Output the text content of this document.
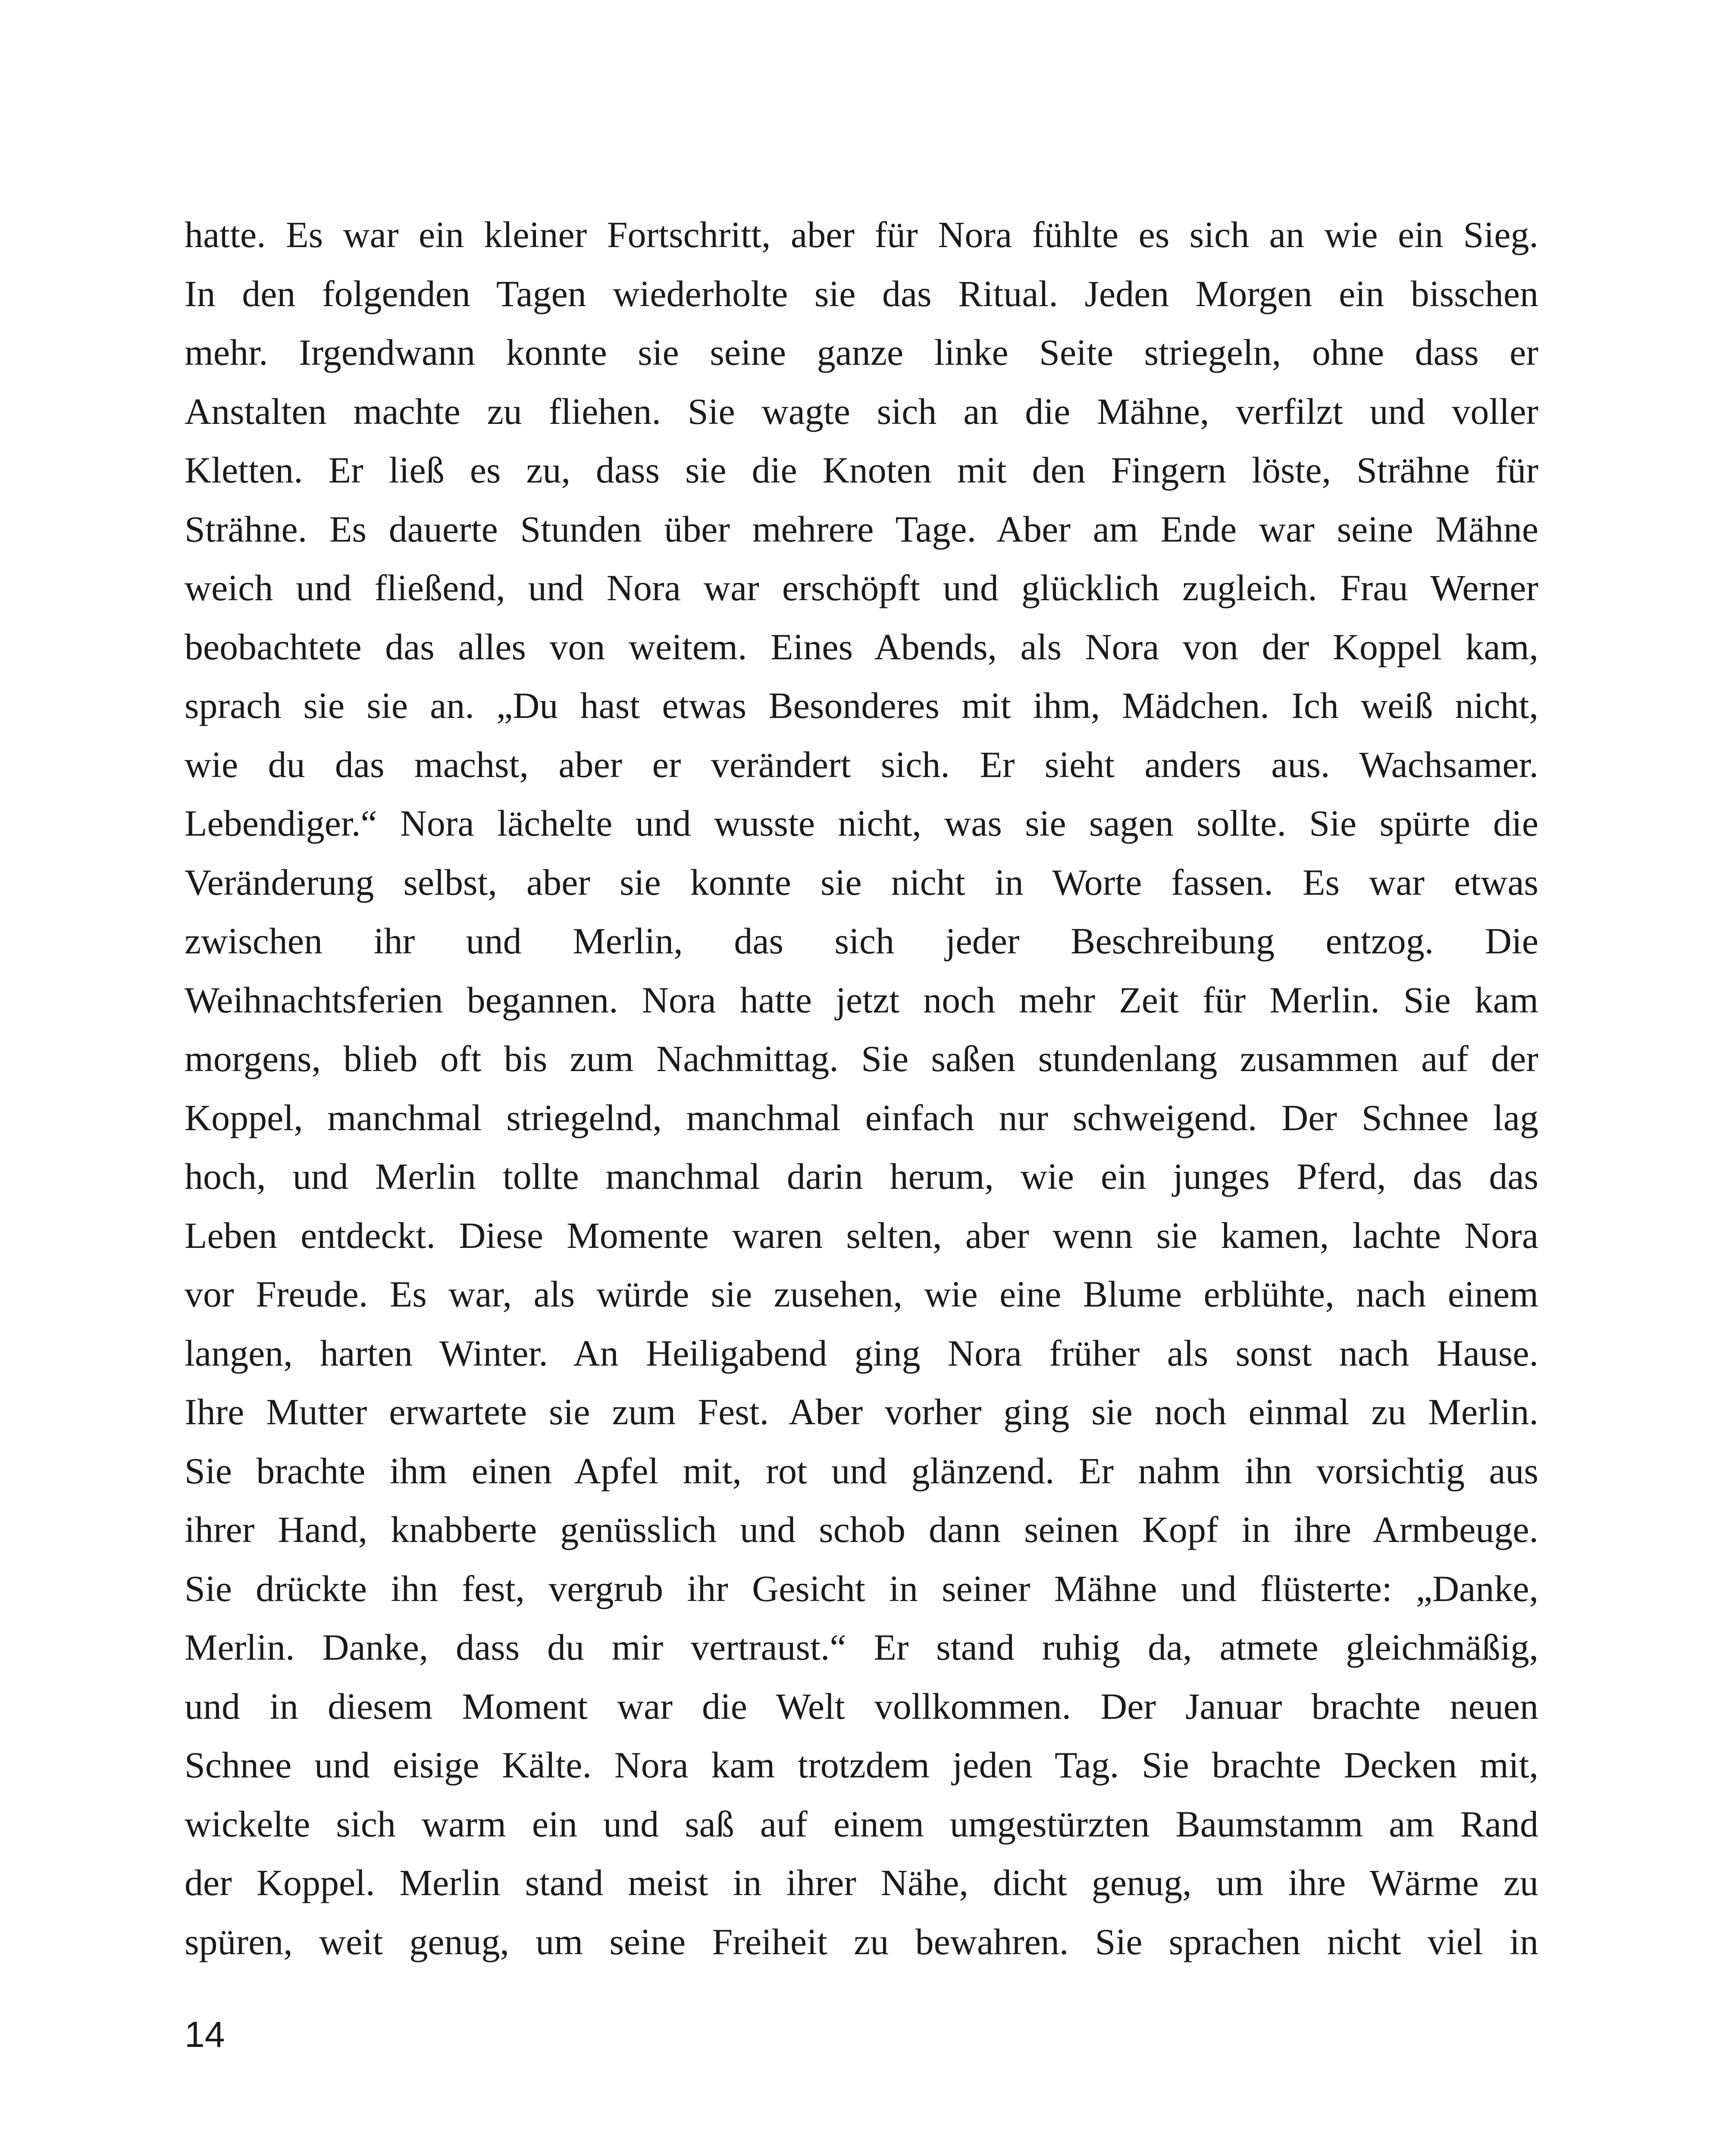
hatte. Es war ein kleiner Fortschritt, aber für Nora fühlte es sich an wie ein Sieg.
In den folgenden Tagen wiederholte sie das Ritual. Jeden Morgen ein bisschen
mehr. Irgendwann konnte sie seine ganze linke Seite striegeln, ohne dass er
Anstalten machte zu fliehen. Sie wagte sich an die Mähne, verfilzt und voller
Kletten. Er ließ es zu, dass sie die Knoten mit den Fingern löste, Strähne für
Strähne. Es dauerte Stunden über mehrere Tage. Aber am Ende war seine Mähne
weich und fließend, und Nora war erschöpft und glücklich zugleich. Frau Werner
beobachtete das alles von weitem. Eines Abends, als Nora von der Koppel kam,
sprach sie sie an. „Du hast etwas Besonderes mit ihm, Mädchen. Ich weiß nicht,
wie du das machst, aber er verändert sich. Er sieht anders aus. Wachsamer.
Lebendiger.“ Nora lächelte und wusste nicht, was sie sagen sollte. Sie spürte die
Veränderung selbst, aber sie konnte sie nicht in Worte fassen. Es war etwas
zwischen ihr und Merlin, das sich jeder Beschreibung entzog. Die
Weihnachtsferien begannen. Nora hatte jetzt noch mehr Zeit für Merlin. Sie kam
morgens, blieb oft bis zum Nachmittag. Sie saßen stundenlang zusammen auf der
Koppel, manchmal striegelnd, manchmal einfach nur schweigend. Der Schnee lag
hoch, und Merlin tollte manchmal darin herum, wie ein junges Pferd, das das
Leben entdeckt. Diese Momente waren selten, aber wenn sie kamen, lachte Nora
vor Freude. Es war, als würde sie zusehen, wie eine Blume erblühte, nach einem
langen, harten Winter. An Heiligabend ging Nora früher als sonst nach Hause.
Ihre Mutter erwartete sie zum Fest. Aber vorher ging sie noch einmal zu Merlin.
Sie brachte ihm einen Apfel mit, rot und glänzend. Er nahm ihn vorsichtig aus
ihrer Hand, knabberte genüsslich und schob dann seinen Kopf in ihre Armbeuge.
Sie drückte ihn fest, vergrub ihr Gesicht in seiner Mähne und flüsterte: „Danke,
Merlin. Danke, dass du mir vertraust.“ Er stand ruhig da, atmete gleichmäßig,
und in diesem Moment war die Welt vollkommen. Der Januar brachte neuen
Schnee und eisige Kälte. Nora kam trotzdem jeden Tag. Sie brachte Decken mit,
wickelte sich warm ein und saß auf einem umgestürzten Baumstamm am Rand
der Koppel. Merlin stand meist in ihrer Nähe, dicht genug, um ihre Wärme zu
spüren, weit genug, um seine Freiheit zu bewahren. Sie sprachen nicht viel in

14
